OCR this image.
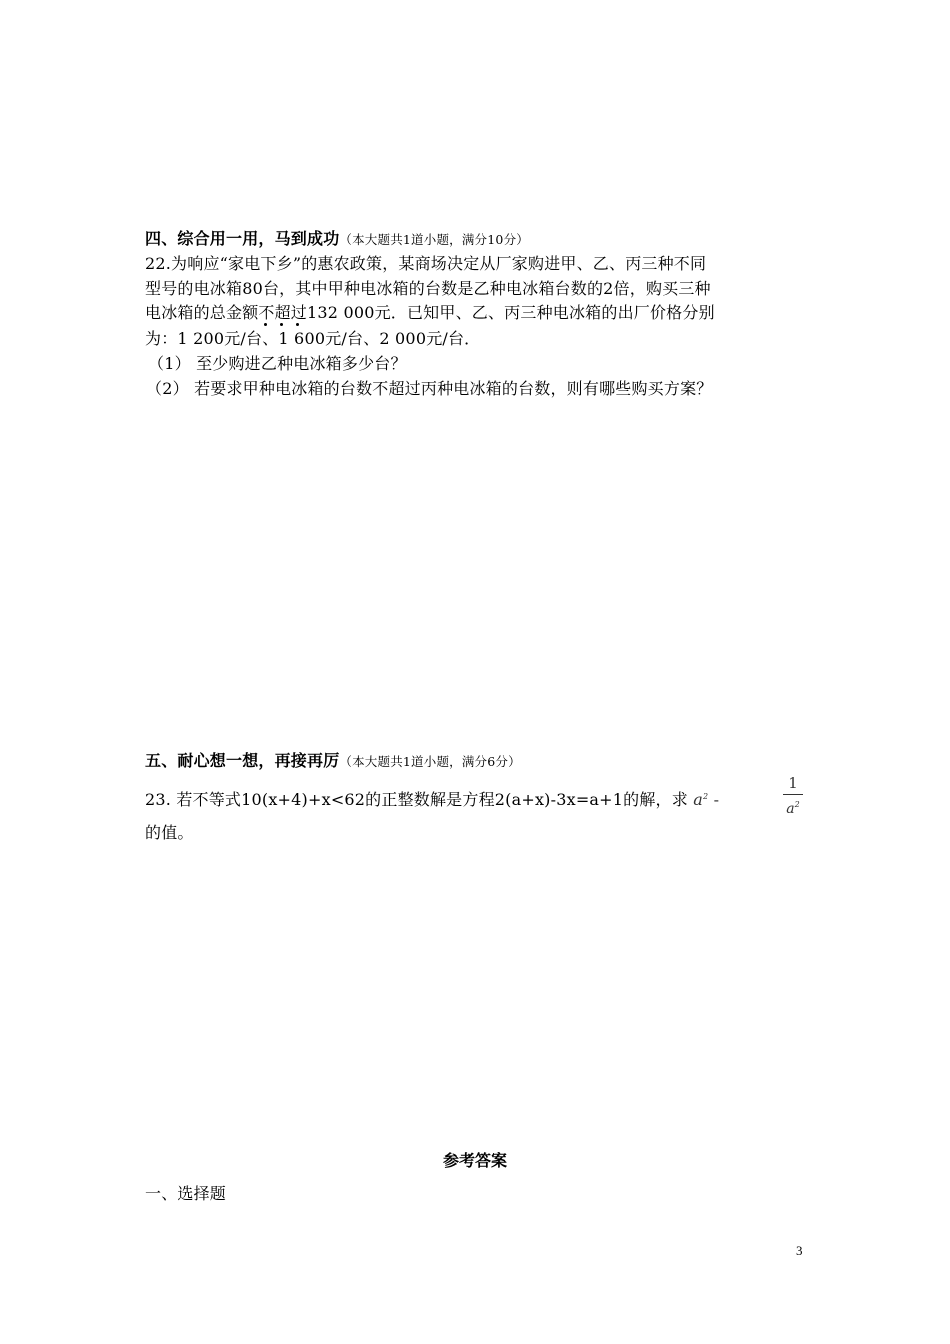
四、综合用一用，马到成功（本大题共1道小题，满分10分）
22.为响应“家电下乡”的惠农政策，某商场决定从厂家购进甲、乙、丙三种不同
型号的电冰箱80台，其中甲种电冰箱的台数是乙种电冰箱台数的2倍，购买三种
电冰箱的总金额不超过
132 000元．已知甲、乙、丙三种电冰箱的出厂价格分别
为：1 200元/台、1 600元/台、2 000元/台．
（1） 至少购进乙种电冰箱多少台？
（2） 若要求甲种电冰箱的台数不超过丙种电冰箱的台数，则有哪些购买方案？
五、耐心想一想，再接再厉（本大题共1道小题，满分6分）
23. 若不等式10(x+4)+x<62的正整数解是方程2(a+x)-3x=a+1的解，求 $a^2$ -
1
$a^2$
的值。
参考答案
一、选择题
3
